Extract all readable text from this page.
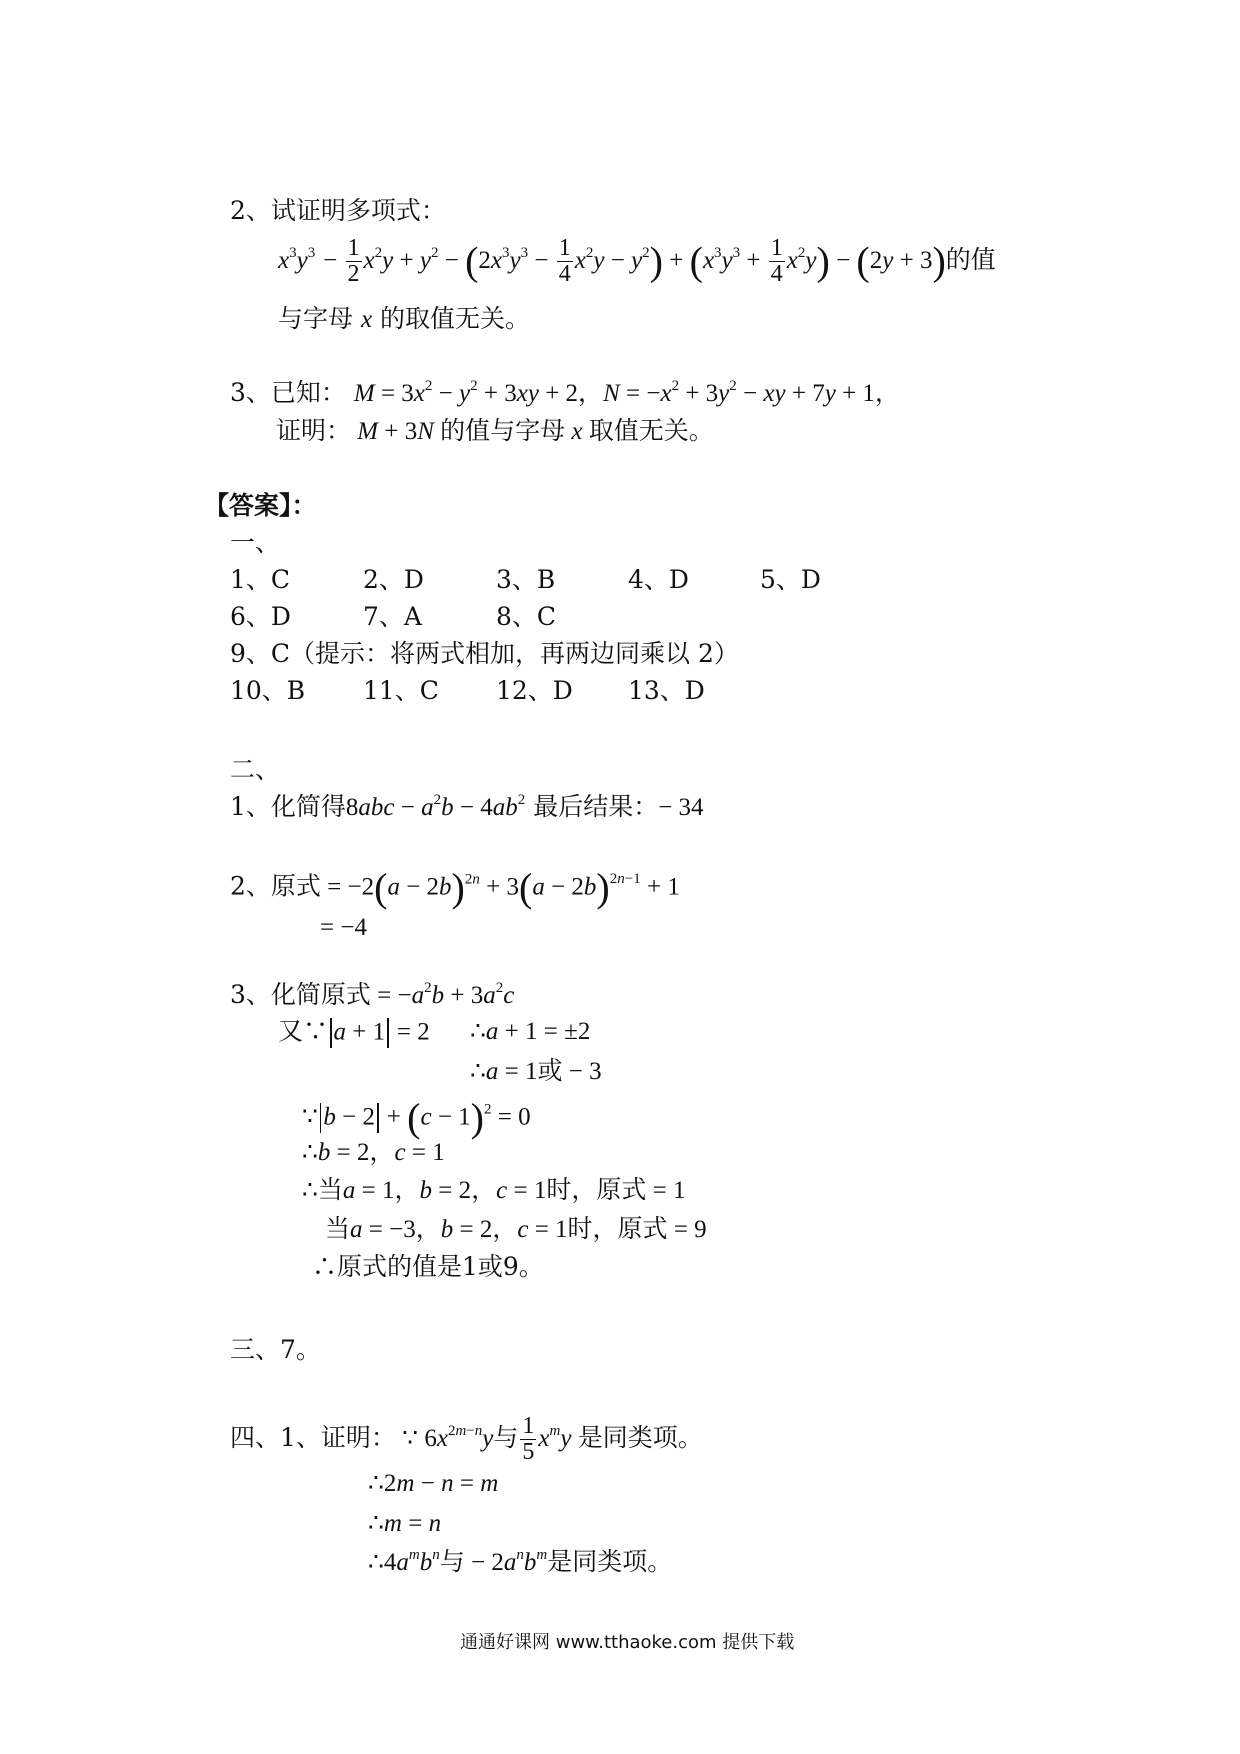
2、试证明多项式：
$x^3y^3 - \frac{1}{2} x^2y + y^2 - (2x^3y^3 - \frac{1}{4} x^2y - y^2) + (x^3y^3 + \frac{1}{4} x^2y) - (2y + 3)$的值
与字母 x 的取值无关。
3、已知： $M = 3x^2 - y^2 + 3xy + 2$，$N = -x^2 + 3y^2$ − xy + 7y + 1，
证明： M + 3N 的值与字母 x 取值无关。
【答案】：
一、
1、C	2、D	3、B	4、D	5、D
6、D	7、A	8、C
9、C（提示：将两式相加，再两边同乘以 2）
10、B 11、C 12、D 13、D
二、
1、化简得$8abc - a^2b - 4ab^2$ 最后结果：− 34
2、原式 = $-2(a - 2b)^{2n} + 3(a - 2b)^{2n-1} + 1$
= −4
3、化简原式 = $-a^2b + 3a^2c$
又∵ a + 1 = 2 ∴a + 1 = ±2
∴a = 1或 − 3
∵ $b - 2 + (c - 1)^2 = 0$
∴b = 2，c = 1
∴当a = 1，b = 2，c = 1时，原式 = 1
当a = −3，b = 2，c = 1时，原式 = 9
∴原式的值是1或9。
三、7。
四、1、证明： ∵ $6x^{2m-n}y$与 $\frac{1}{5} x^my$ 是同类项。
∴2m − n = m
∴m = n
$\therefore 4a^mb^n$与 − $2a^nb^m$是同类项。
通通好课网 www.tthaoke.com 提供下载
